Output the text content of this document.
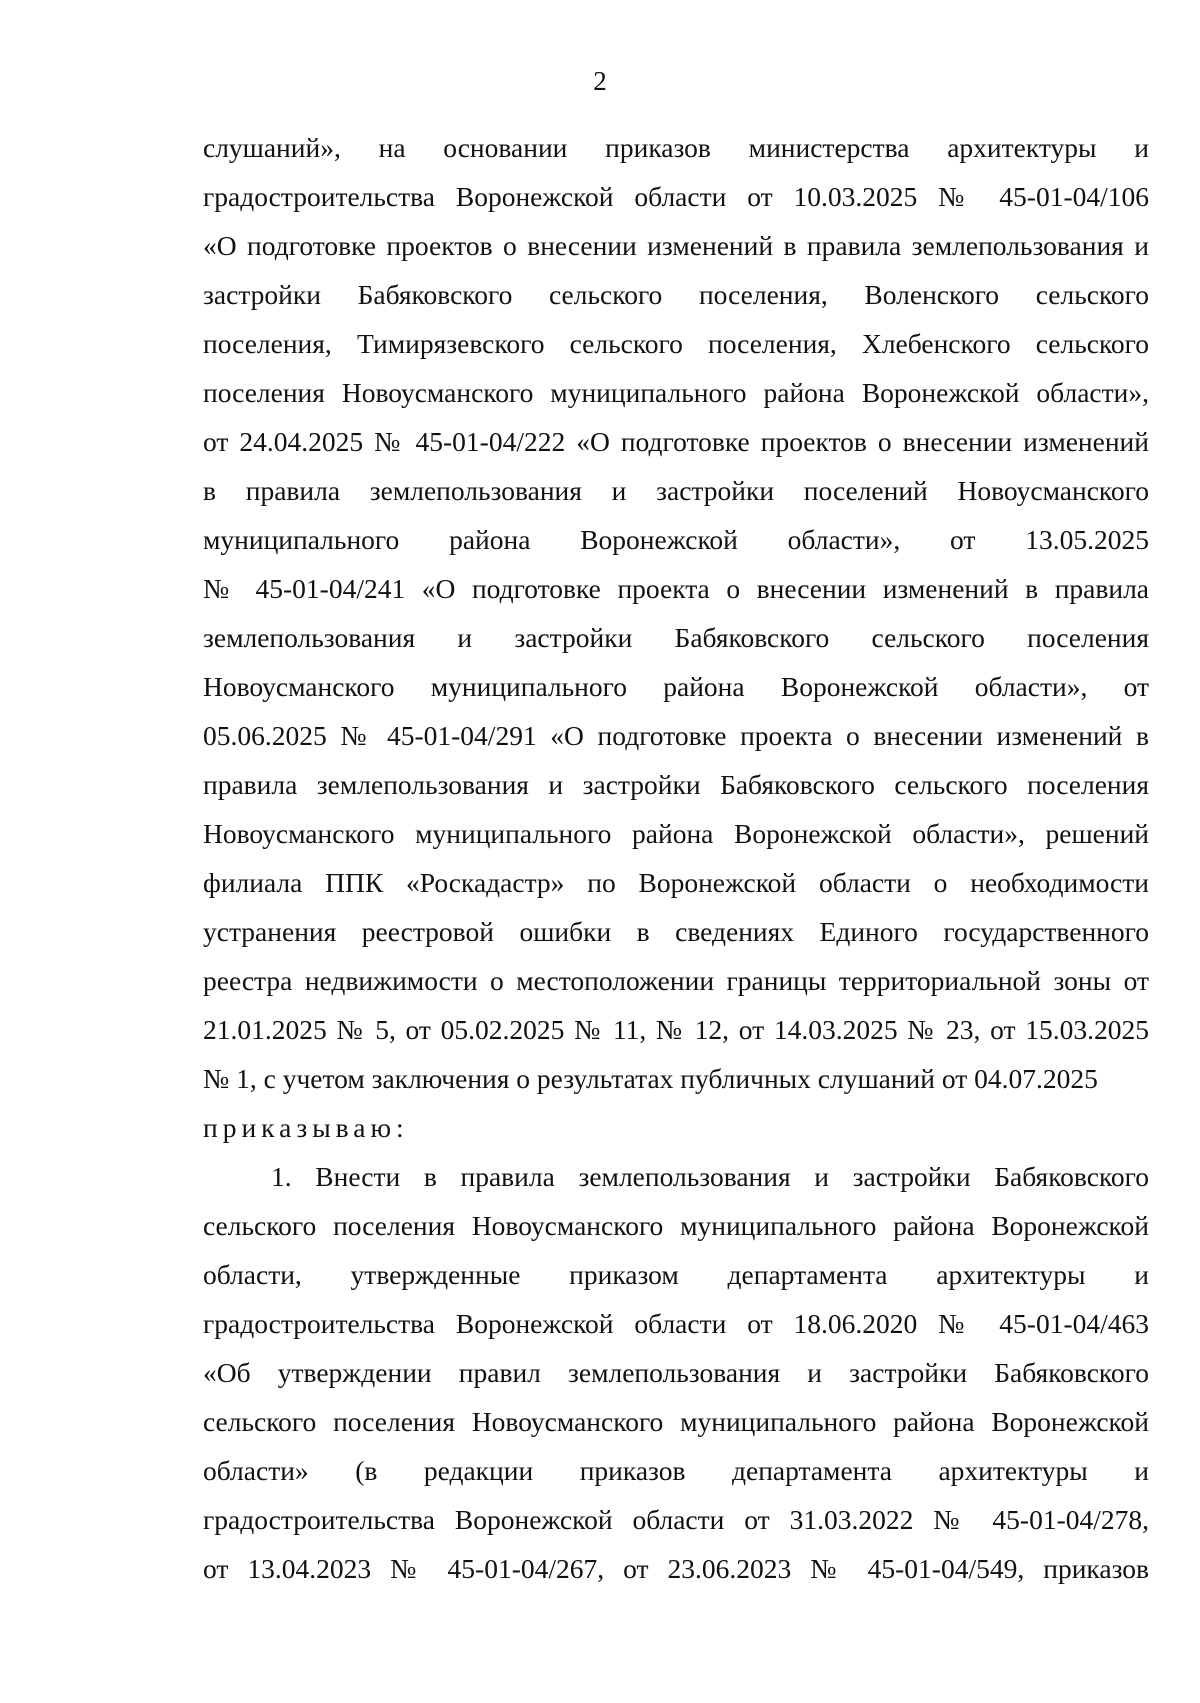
2
слушаний», на основании приказов министерства архитектуры и
градостроительства Воронежской области от 10.03.2025 № 45-01-04/106
«О подготовке проектов о внесении изменений в правила землепользования и
застройки Бабяковского сельского поселения, Воленского сельского
поселения, Тимирязевского сельского поселения, Хлебенского сельского
поселения Новоусманского муниципального района Воронежской области»,
от 24.04.2025 № 45-01-04/222 «О подготовке проектов о внесении изменений
в правила землепользования и застройки поселений Новоусманского
муниципального района Воронежской области», от 13.05.2025
№ 45-01-04/241 «О подготовке проекта о внесении изменений в правила
землепользования и застройки Бабяковского сельского поселения
Новоусманского муниципального района Воронежской области», от
05.06.2025 № 45-01-04/291 «О подготовке проекта о внесении изменений в
правила землепользования и застройки Бабяковского сельского поселения
Новоусманского муниципального района Воронежской области», решений
филиала ППК «Роскадастр» по Воронежской области о необходимости
устранения реестровой ошибки в сведениях Единого государственного
реестра недвижимости о местоположении границы территориальной зоны от
21.01.2025 № 5, от 05.02.2025 № 11, № 12, от 14.03.2025 № 23, от 15.03.2025
№ 1, с учетом заключения о результатах публичных слушаний от 04.07.2025
приказываю:
1. Внести в правила землепользования и застройки Бабяковского
сельского поселения Новоусманского муниципального района Воронежской
области, утвержденные приказом департамента архитектуры и
градостроительства Воронежской области от 18.06.2020 № 45-01-04/463
«Об утверждении правил землепользования и застройки Бабяковского
сельского поселения Новоусманского муниципального района Воронежской
области» (в редакции приказов департамента архитектуры и
градостроительства Воронежской области от 31.03.2022 № 45-01-04/278,
от 13.04.2023 № 45-01-04/267, от 23.06.2023 № 45-01-04/549, приказов
